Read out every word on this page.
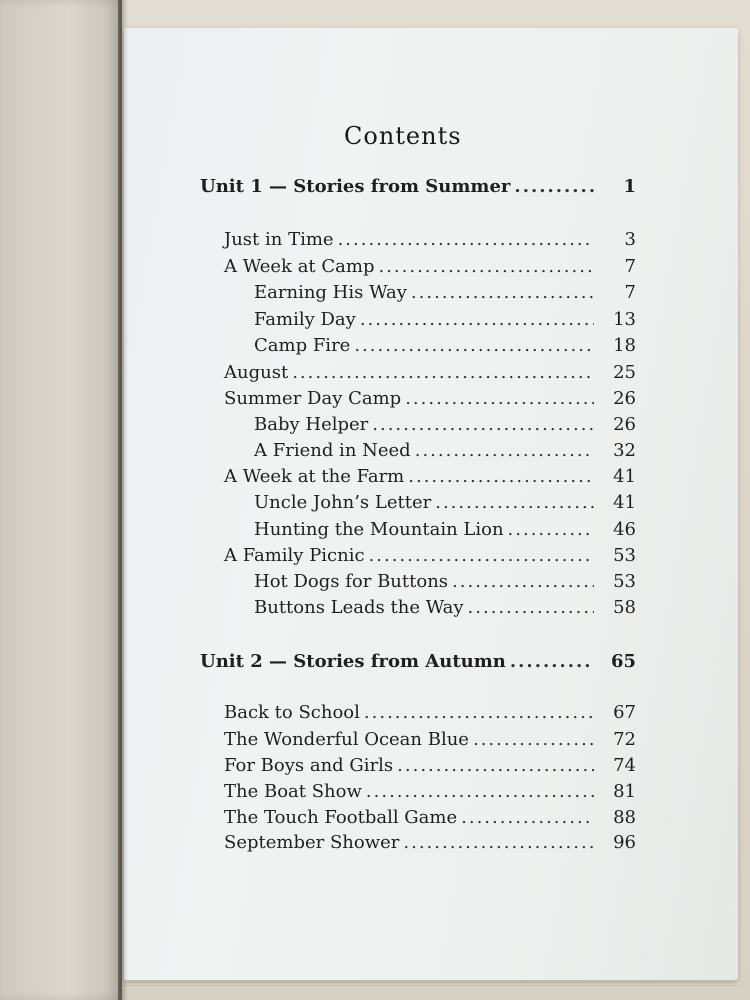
Contents
Unit 1 — Stories from Summer .....	1
Just in Time .....	3
A Week at Camp .....	7
Earning His Way .....	7
Family Day .....	13
Camp Fire .....	18
August .....	25
Summer Day Camp .....	26
Baby Helper .....	26
A Friend in Need .....	32
A Week at the Farm .....	41
Uncle John’s Letter .....	41
Hunting the Mountain Lion .....	46
A Family Picnic .....	53
Hot Dogs for Buttons .....	53
Buttons Leads the Way .....	58
Unit 2 — Stories from Autumn .....	65
Back to School .....	67
The Wonderful Ocean Blue .....	72
For Boys and Girls .....	74
The Boat Show .....	81
The Touch Football Game .....	88
September Shower .....	96
